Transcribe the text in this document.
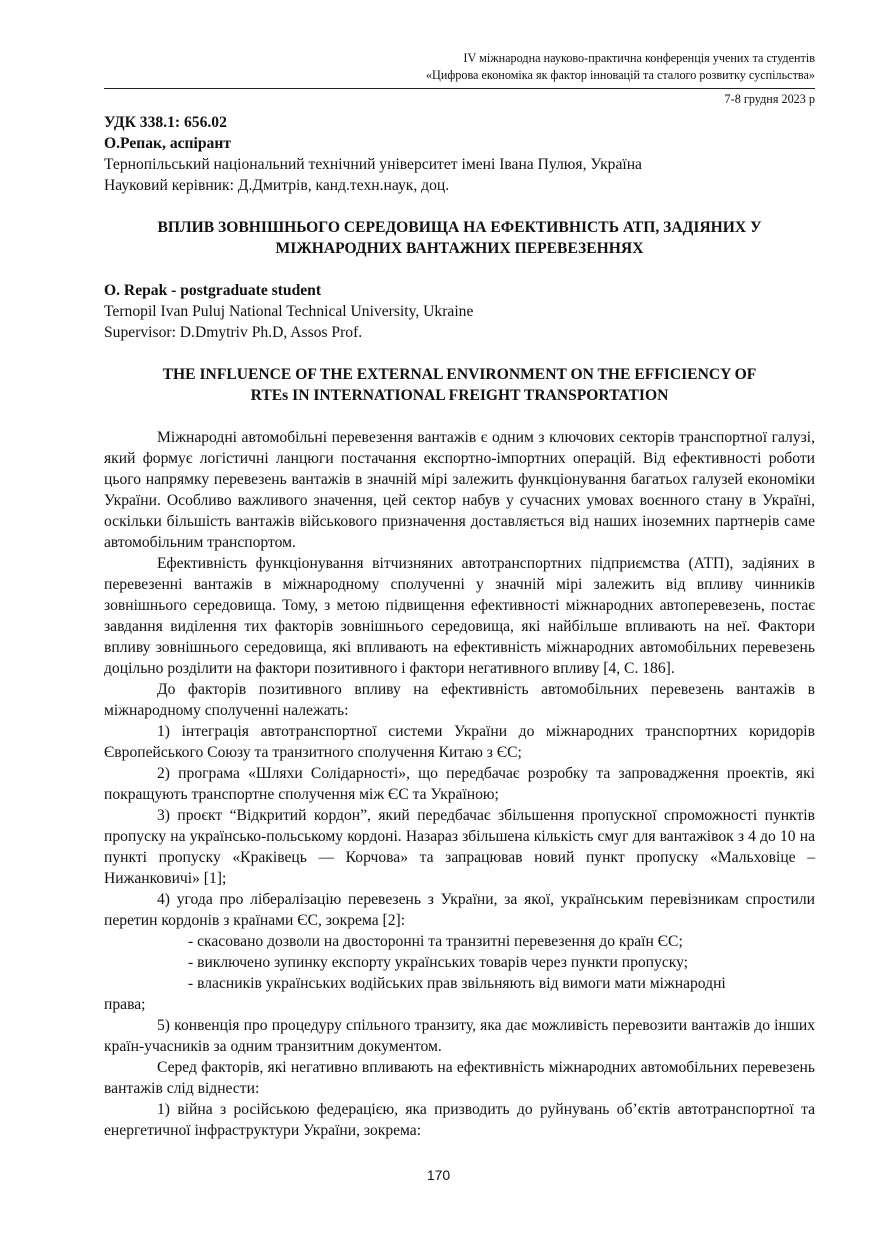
IV міжнародна науково-практична конференція учених та студентів
«Цифрова економіка як фактор інновацій та сталого розвитку суспільства»
7-8 грудня 2023 р
УДК 338.1: 656.02
О.Репак, аспірант
Тернопільський національний технічний університет імені Івана Пулюя, Україна
Науковий керівник: Д.Дмитрів, канд.техн.наук, доц.
ВПЛИВ ЗОВНІШНЬОГО СЕРЕДОВИЩА НА ЕФЕКТИВНІСТЬ АТП, ЗАДІЯНИХ У
МІЖНАРОДНИХ ВАНТАЖНИХ ПЕРЕВЕЗЕННЯХ
O. Repak - postgraduate student
Ternopil Ivan Puluj National Technical University, Ukraine
Supervisor: D.Dmytriv Ph.D, Assos Prof.
THE INFLUENCE OF THE EXTERNAL ENVIRONMENT ON THE EFFICIENCY OF
RTEs IN INTERNATIONAL FREIGHT TRANSPORTATION

Міжнародні автомобільні перевезення вантажів є одним з ключових секторів транспортної галузі, який формує логістичні ланцюги постачання експортно-імпортних операцій. Від ефективності роботи цього напрямку перевезень вантажів в значній мірі залежить функціонування багатьох галузей економіки України. Особливо важливого значення, цей сектор набув у сучасних умовах воєнного стану в Україні, оскільки більшість вантажів військового призначення доставляється від наших іноземних партнерів саме автомобільним транспортом.

Ефективність функціонування вітчизняних автотранспортних підприємства (АТП), задіяних в перевезенні вантажів в міжнародному сполученні у значній мірі залежить від впливу чинників зовнішнього середовища. Тому, з метою підвищення ефективності міжнародних автоперевезень, постає завдання виділення тих факторів зовнішнього середовища, які найбільше впливають на неї. Фактори впливу зовнішнього середовища, які впливають на ефективність міжнародних автомобільних перевезень доцільно розділити на фактори позитивного і фактори негативного впливу [4, С. 186].

До факторів позитивного впливу на ефективність автомобільних перевезень вантажів в міжнародному сполученні належать:

1) інтеграція автотранспортної системи України до міжнародних транспортних коридорів Європейського Союзу та транзитного сполучення Китаю з ЄС;

2) програма «Шляхи Солідарності», що передбачає розробку та запровадження проектів, які покращують транспортне сполучення між ЄС та Україною;

3) проєкт “Відкритий кордон”, який передбачає збільшення пропускної спроможності пунктів пропуску на українсько-польському кордоні. Назараз збільшена кількість смуг для вантажівок з 4 до 10 на пункті пропуску «Краківець — Корчова» та запрацював новий пункт пропуску «Мальховіце – Нижанковичі» [1];

4) угода про лібералізацію перевезень з України, за якої, українським перевізникам спростили перетин кордонів з країнами ЄС, зокрема [2]:

- скасовано дозволи на двосторонні та транзитні перевезення до країн ЄС;

- виключено зупинку експорту українських товарів через пункти пропуску;

- власників українських водійських прав звільняють від вимоги мати міжнародні

права;

5) конвенція про процедуру спільного транзиту, яка дає можливість перевозити вантажів до інших країн-учасників за одним транзитним документом.

Серед факторів, які негативно впливають на ефективність міжнародних автомобільних перевезень вантажів слід віднести:

1) війна з російською федерацією, яка призводить до руйнувань об’єктів автотранспортної та енергетичної інфраструктури України, зокрема:

170
